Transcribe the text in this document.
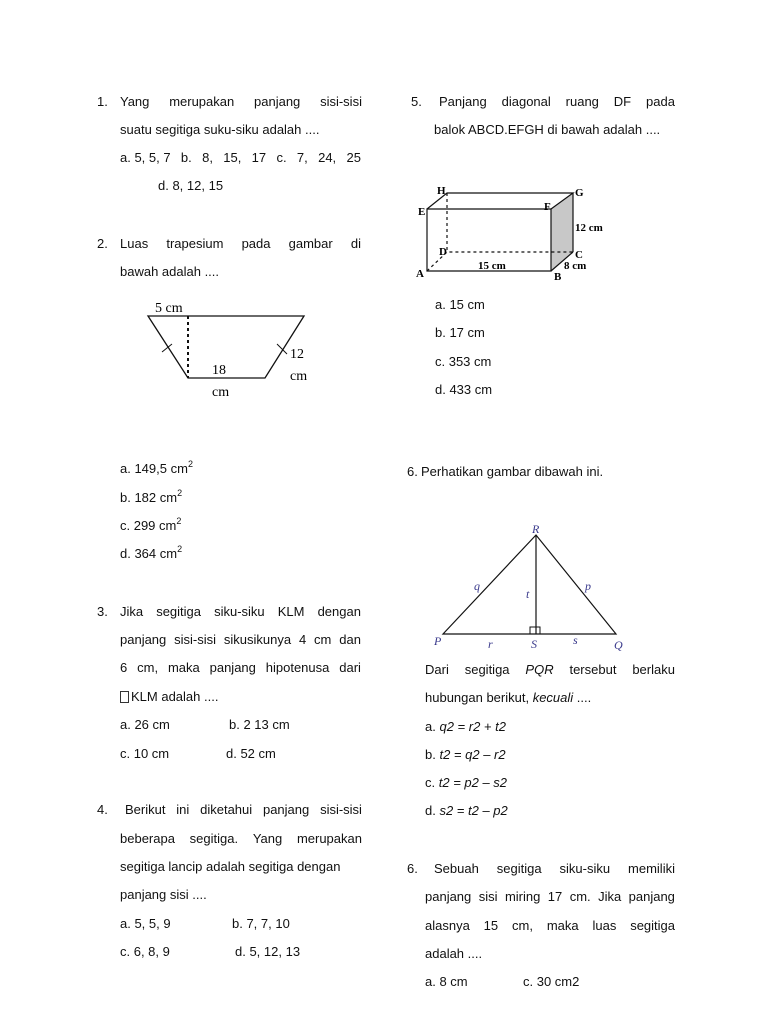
1. Yang merupakan panjang sisi-sisi
suatu segitiga suku-siku adalah ....
a. 5, 5, 7 b. 8, 15, 17 c. 7, 24, 25
d. 8, 12, 15
2. Luas trapesium pada gambar di
bawah adalah ....
5 cm
18
cm
12
cm
a. 149,5 $cm^2$
b. 182 $cm^2$
c. 299 $cm^2$
d. 364 $cm^2$
3. Jika segitiga siku-siku KLM dengan
panjang sisi-sisi sikusikunya 4 cm dan
6 cm, maka panjang hipotenusa dari
KLM adalah ....
a. 26 cm	b. 2 13 cm
c. 10 cm	d. 52 cm
4. Berikut ini diketahui panjang sisi-sisi
beberapa segitiga. Yang merupakan
segitiga lancip adalah segitiga dengan
panjang sisi ....
a. 5, 5, 9	b. 7, 7, 10
c. 6, 8, 9	d. 5, 12, 13
5. Panjang diagonal ruang DF pada
balok ABCD.EFGH di bawah adalah ....
H	G
E	F
D	C
A	B
15 cm	8 cm
12 cm
a. 15 cm
b. 17 cm
c. 353 cm
d. 433 cm
6. Perhatikan gambar dibawah ini.
R
P	Q
S
q	p
r	s
t
Dari segitiga PQR tersebut berlaku
hubungan berikut, kecuali ....
a. q2 = r2 + t2
b. t2 = q2 – r2
c. t2 = p2 – s2
d. s2 = t2 – p2
6. Sebuah segitiga siku-siku memiliki
panjang sisi miring 17 cm. Jika panjang
alasnya 15 cm, maka luas segitiga
adalah ....
a. 8 cm	c. 30 cm2
